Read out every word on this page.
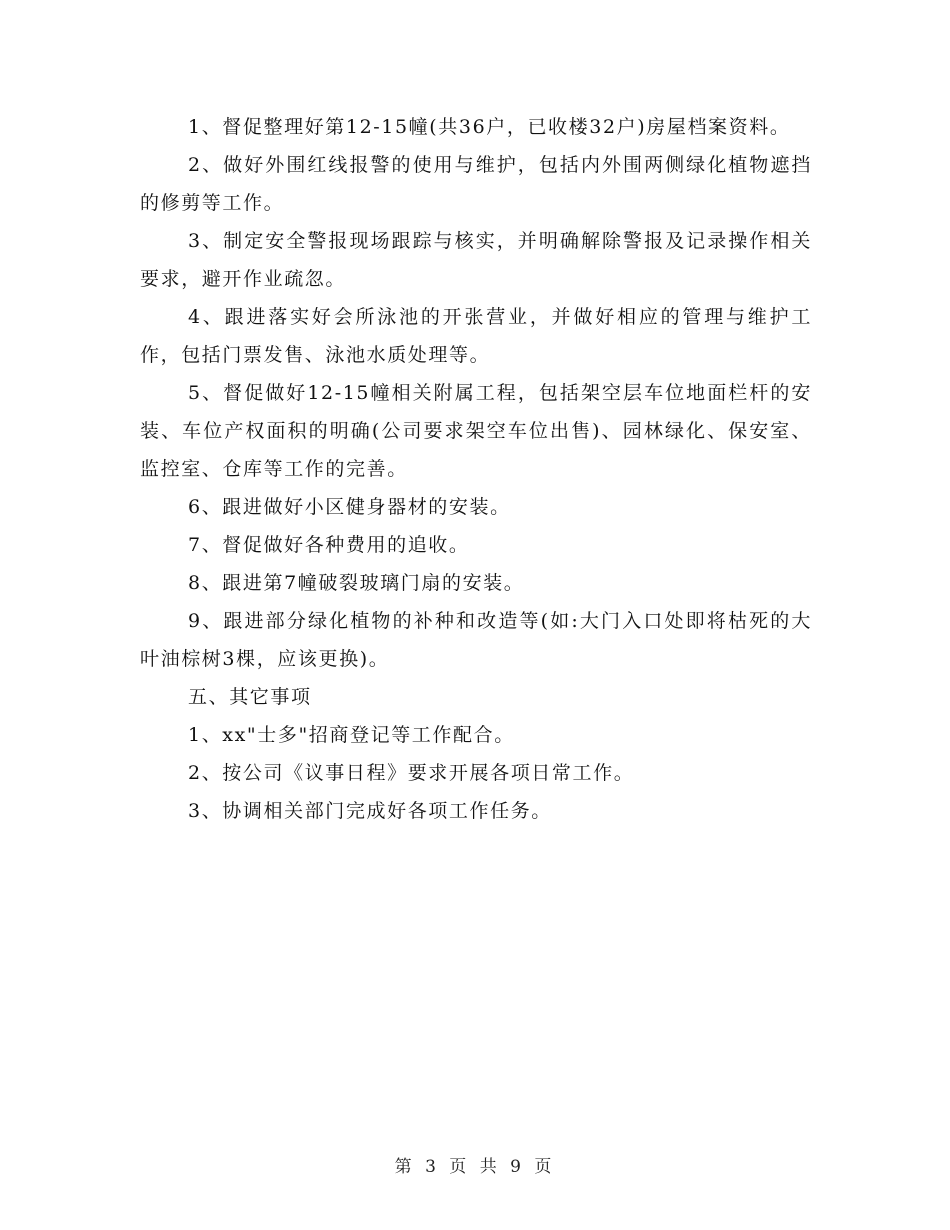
1、督促整理好第12-15幢(共36户，已收楼32户)房屋档案资料。

2、做好外围红线报警的使用与维护，包括内外围两侧绿化植物遮挡的修剪等工作。

3、制定安全警报现场跟踪与核实，并明确解除警报及记录操作相关要求，避开作业疏忽。

4、跟进落实好会所泳池的开张营业，并做好相应的管理与维护工作，包括门票发售、泳池水质处理等。

5、督促做好12-15幢相关附属工程，包括架空层车位地面栏杆的安装、车位产权面积的明确(公司要求架空车位出售)、园林绿化、保安室、监控室、仓库等工作的完善。

6、跟进做好小区健身器材的安装。

7、督促做好各种费用的追收。

8、跟进第7幢破裂玻璃门扇的安装。

9、跟进部分绿化植物的补种和改造等(如:大门入口处即将枯死的大叶油棕树3棵，应该更换)。

五、其它事项

1、xx"士多"招商登记等工作配合。

2、按公司《议事日程》要求开展各项日常工作。

3、协调相关部门完成好各项工作任务。

第 3 页 共 9 页
